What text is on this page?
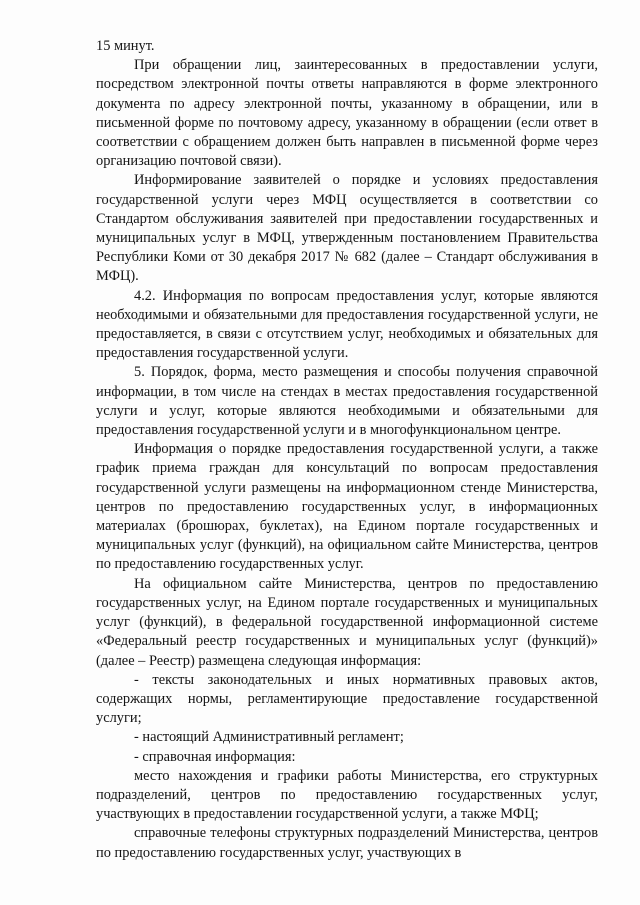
15 минут.

При обращении лиц, заинтересованных в предоставлении услуги, посредством электронной почты ответы направляются в форме электронного документа по адресу электронной почты, указанному в обращении, или в письменной форме по почтовому адресу, указанному в обращении (если ответ в соответствии с обращением должен быть направлен в письменной форме через организацию почтовой связи).

Информирование заявителей о порядке и условиях предоставления государственной услуги через МФЦ осуществляется в соответствии со Стандартом обслуживания заявителей при предоставлении государственных и муниципальных услуг в МФЦ, утвержденным постановлением Правительства Республики Коми от 30 декабря 2017 № 682 (далее – Стандарт обслуживания в МФЦ).

4.2. Информация по вопросам предоставления услуг, которые являются необходимыми и обязательными для предоставления государственной услуги, не предоставляется, в связи с отсутствием услуг, необходимых и обязательных для предоставления государственной услуги.

5. Порядок, форма, место размещения и способы получения справочной информации, в том числе на стендах в местах предоставления государственной услуги и услуг, которые являются необходимыми и обязательными для предоставления государственной услуги и в многофункциональном центре.

Информация о порядке предоставления государственной услуги, а также график приема граждан для консультаций по вопросам предоставления государственной услуги размещены на информационном стенде Министерства, центров по предоставлению государственных услуг, в информационных материалах (брошюрах, буклетах), на Едином портале государственных и муниципальных услуг (функций), на официальном сайте Министерства, центров по предоставлению государственных услуг.

На официальном сайте Министерства, центров по предоставлению государственных услуг, на Едином портале государственных и муниципальных услуг (функций), в федеральной государственной информационной системе «Федеральный реестр государственных и муниципальных услуг (функций)» (далее – Реестр) размещена следующая информация:

- тексты законодательных и иных нормативных правовых актов, содержащих нормы, регламентирующие предоставление государственной услуги;

- настоящий Административный регламент;

- справочная информация:

место нахождения и графики работы Министерства, его структурных подразделений, центров по предоставлению государственных услуг, участвующих в предоставлении государственной услуги, а также МФЦ;

справочные телефоны структурных подразделений Министерства, центров по предоставлению государственных услуг, участвующих в
